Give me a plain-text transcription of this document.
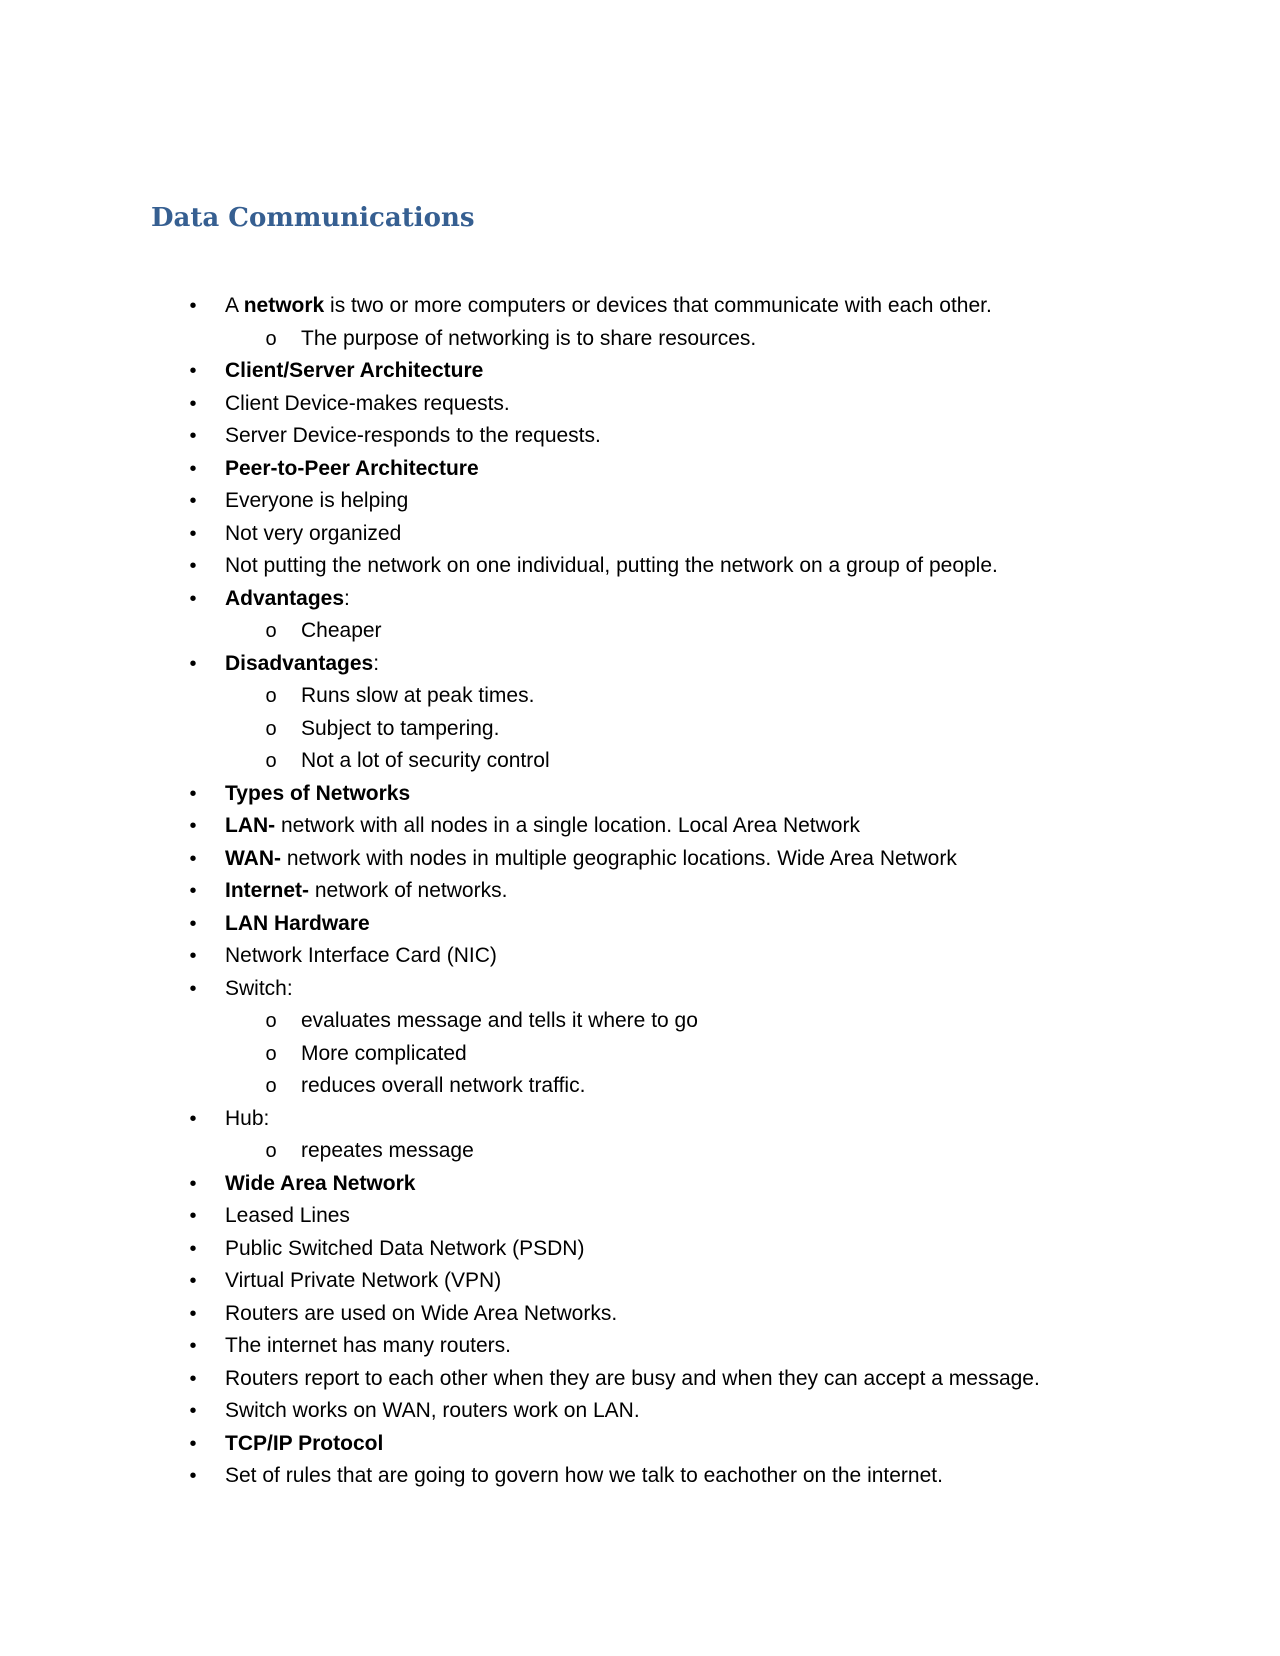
Data Communications
•	A network is two or more computers or devices that communicate with each other.
o The purpose of networking is to share resources.
•	Client/Server Architecture
•	Client Device-makes requests.
•	Server Device-responds to the requests.
•	Peer-to-Peer Architecture
•	Everyone is helping
•	Not very organized
•	Not putting the network on one individual, putting the network on a group of people.
•	Advantages:
o Cheaper
•	Disadvantages:
o Runs slow at peak times.
o Subject to tampering.
o Not a lot of security control
•	Types of Networks
•	LAN- network with all nodes in a single location. Local Area Network
•	WAN- network with nodes in multiple geographic locations. Wide Area Network
•	Internet- network of networks.
•	LAN Hardware
•	Network Interface Card (NIC)
•	Switch:
o evaluates message and tells it where to go
o More complicated
o reduces overall network traffic.
•	Hub:
o repeates message
•	Wide Area Network
•	Leased Lines
•	Public Switched Data Network (PSDN)
•	Virtual Private Network (VPN)
•	Routers are used on Wide Area Networks.
•	The internet has many routers.
•	Routers report to each other when they are busy and when they can accept a message.
•	Switch works on WAN, routers work on LAN.
•	TCP/IP Protocol
•	Set of rules that are going to govern how we talk to eachother on the internet.
